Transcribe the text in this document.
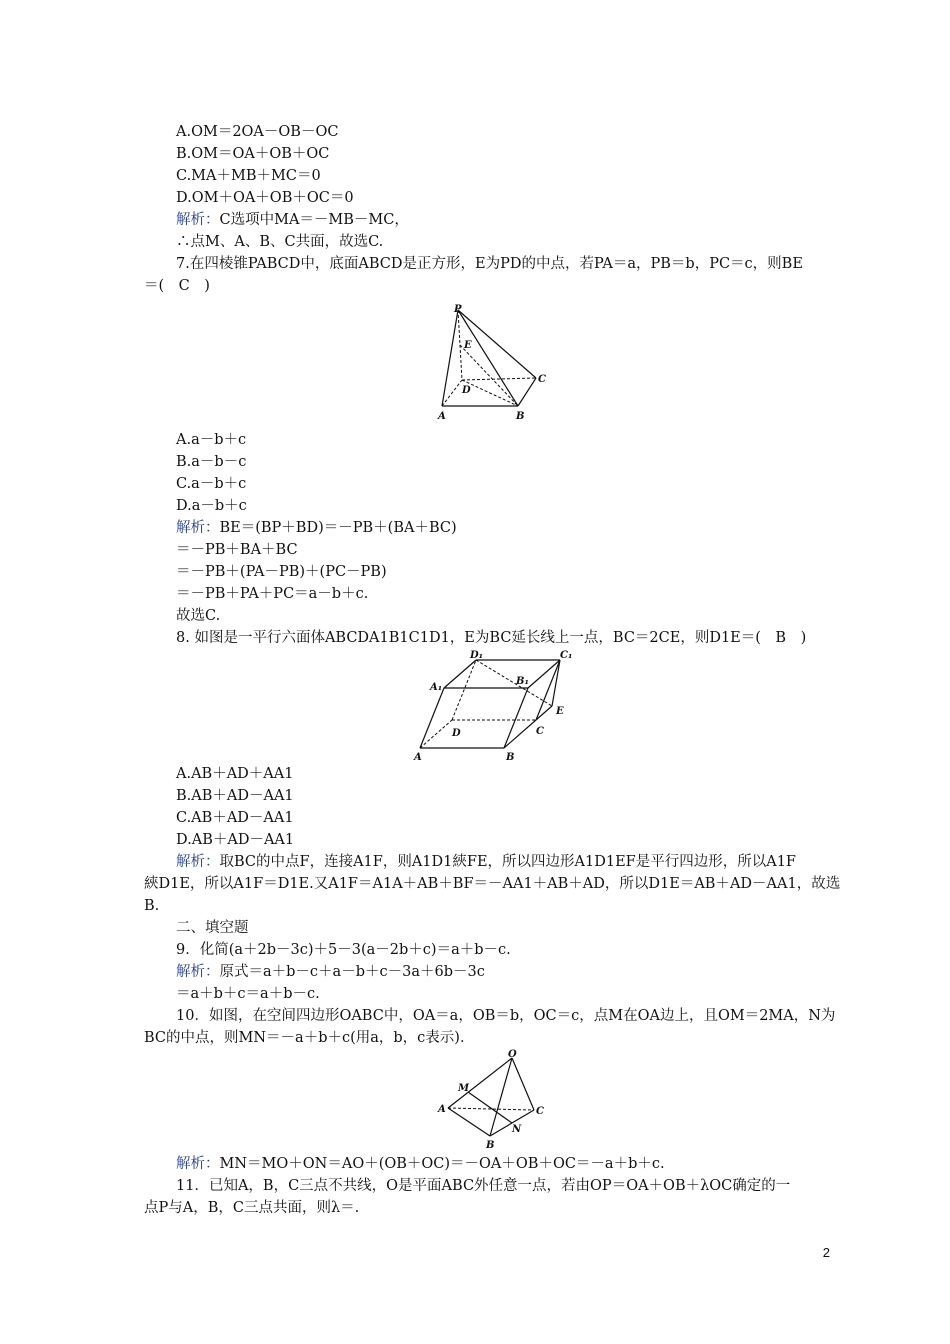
A.OM＝2OA－OB－OC
B.OM＝OA＋OB＋OC
C.MA＋MB＋MC＝0
D.OM＋OA＋OB＋OC＝0
解析：C选项中MA＝－MB－MC，
∴点M、A、B、C共面，故选C.
7.在四棱锥PABCD中，底面ABCD是正方形，E为PD的中点，若PA＝a，PB＝b，PC＝c，则BE
＝(　C　)
P
E
D
C
A	B
A.a－b＋c
B.a－b－c
C.a－b＋c
D.a－b＋c
解析：BE＝(BP＋BD)＝－PB＋(BA＋BC)
＝－PB＋BA＋BC
＝－PB＋(PA－PB)＋(PC－PB)
＝－PB＋PA＋PC＝a－b＋c.
故选C.
8. 如图是一平行六面体ABCDA1B1C1D1，E为BC延长线上一点，BC＝2CE，则D1E＝(　B　)
D₁	C₁
A₁
B₁
E
D	C
A	B
A.AB＋AD＋AA1
B.AB＋AD－AA1
C.AB＋AD－AA1
D.AB＋AD－AA1
解析：取BC的中点F，连接A1F，则A1D1綊FE，所以四边形A1D1EF是平行四边形，所以A1F
綊D1E，所以A1F＝D1E.又A1F＝A1A＋AB＋BF＝－AA1＋AB＋AD，所以D1E＝AB＋AD－AA1，故选
B.
二、填空题
9．化简(a＋2b－3c)＋5－3(a－2b＋c)＝a＋b－c.
解析：原式＝a＋b－c＋a－b＋c－3a＋6b－3c
＝a＋b＋c＝a＋b－c.
10．如图，在空间四边形OABC中，OA＝a，OB＝b，OC＝c，点M在OA边上，且OM＝2MA，N为
BC的中点，则MN＝－a＋b＋c(用a，b，c表示)．
O
M
A	C
N
B
解析：MN＝MO＋ON＝AO＋(OB＋OC)＝－OA＋OB＋OC＝－a＋b＋c.
11．已知A，B，C三点不共线，O是平面ABC外任意一点，若由OP＝OA＋OB＋λOC确定的一
点P与A，B，C三点共面，则λ＝.
2
